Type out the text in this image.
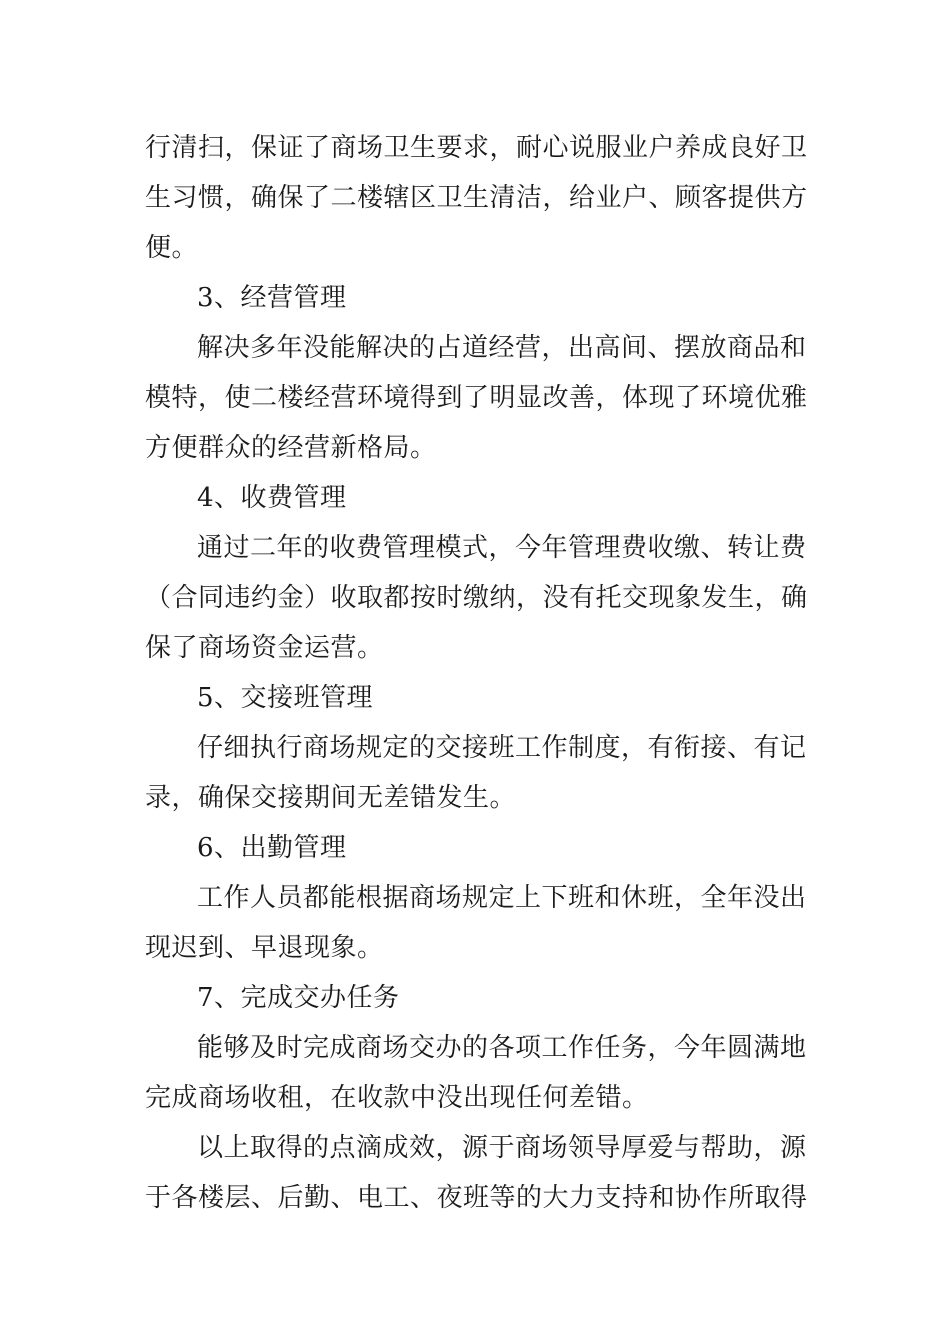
行清扫，保证了商场卫生要求，耐心说服业户养成良好卫
生习惯，确保了二楼辖区卫生清洁，给业户、顾客提供方
便。
3、经营管理
解决多年没能解决的占道经营，出高间、摆放商品和
模特，使二楼经营环境得到了明显改善，体现了环境优雅
方便群众的经营新格局。
4、收费管理
通过二年的收费管理模式，今年管理费收缴、转让费
（合同违约金）收取都按时缴纳，没有托交现象发生，确
保了商场资金运营。
5、交接班管理
仔细执行商场规定的交接班工作制度，有衔接、有记
录，确保交接期间无差错发生。
6、出勤管理
工作人员都能根据商场规定上下班和休班，全年没出
现迟到、早退现象。
7、完成交办任务
能够及时完成商场交办的各项工作任务，今年圆满地
完成商场收租，在收款中没出现任何差错。
以上取得的点滴成效，源于商场领导厚爱与帮助，源
于各楼层、后勤、电工、夜班等的大力支持和协作所取得
